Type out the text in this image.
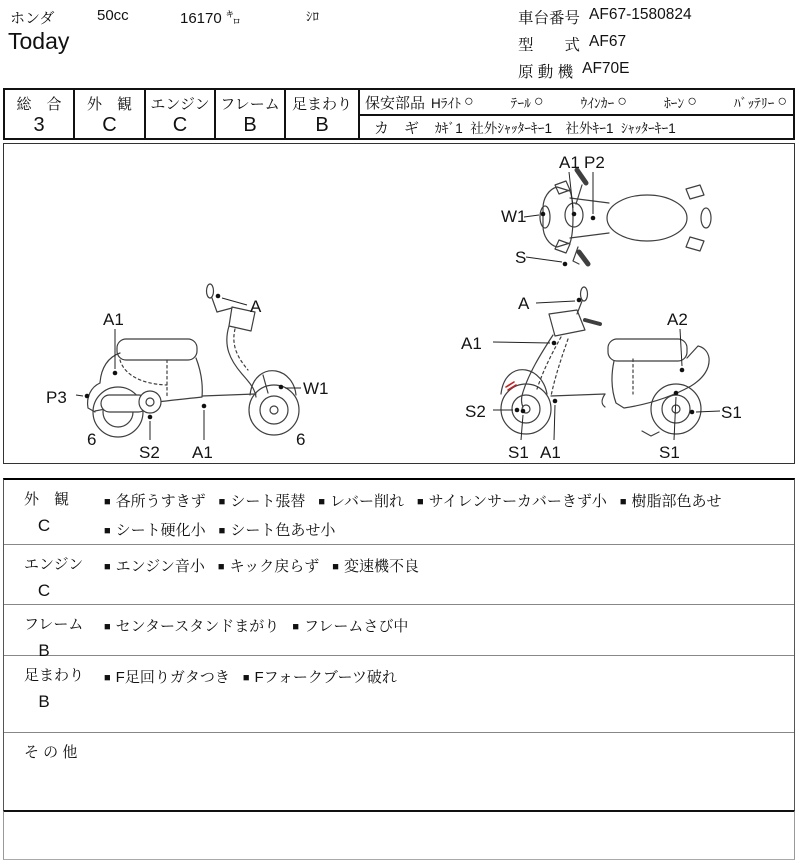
ホンダ	50cc	16170 ㌔	ｼﾛ
Today
車台番号 AF67-1580824
型　　式 AF67
原 動 機 AF70E
総　合
3
外　観
C
エンジン
C
フレーム
B
足まわり
B
保安部品 Hﾗｲﾄ ○	ﾃｰﾙ ○	ｳｲﾝｶｰ ○	ﾎｰﾝ ○	ﾊﾞｯﾃﾘｰ ○
カ　ギ ｶｷﾞ1  社外ｼｬｯﾀｰｷｰ1　社外ｷｰ1  ｼｬｯﾀｰｷｰ1
A1 P2
W1
S
A
A1
P3
6
S2 A1
W1
6
A
A1
A2
S2
S1 A1
S1
S1
外　観
C
■ 各所うすきず ■ シート張替 ■ レバー削れ ■ サイレンサーカバーきず小 ■ 樹脂部色あせ■ シート硬化小 ■ シート色あせ小
エンジン
C
■ エンジン音小 ■ キック戻らず ■ 変速機不良
フレーム
B
■ センタースタンドまがり ■ フレームさび中
足まわり
B
■ F足回りガタつき ■ Fフォークブーツ破れ
そ の 他
